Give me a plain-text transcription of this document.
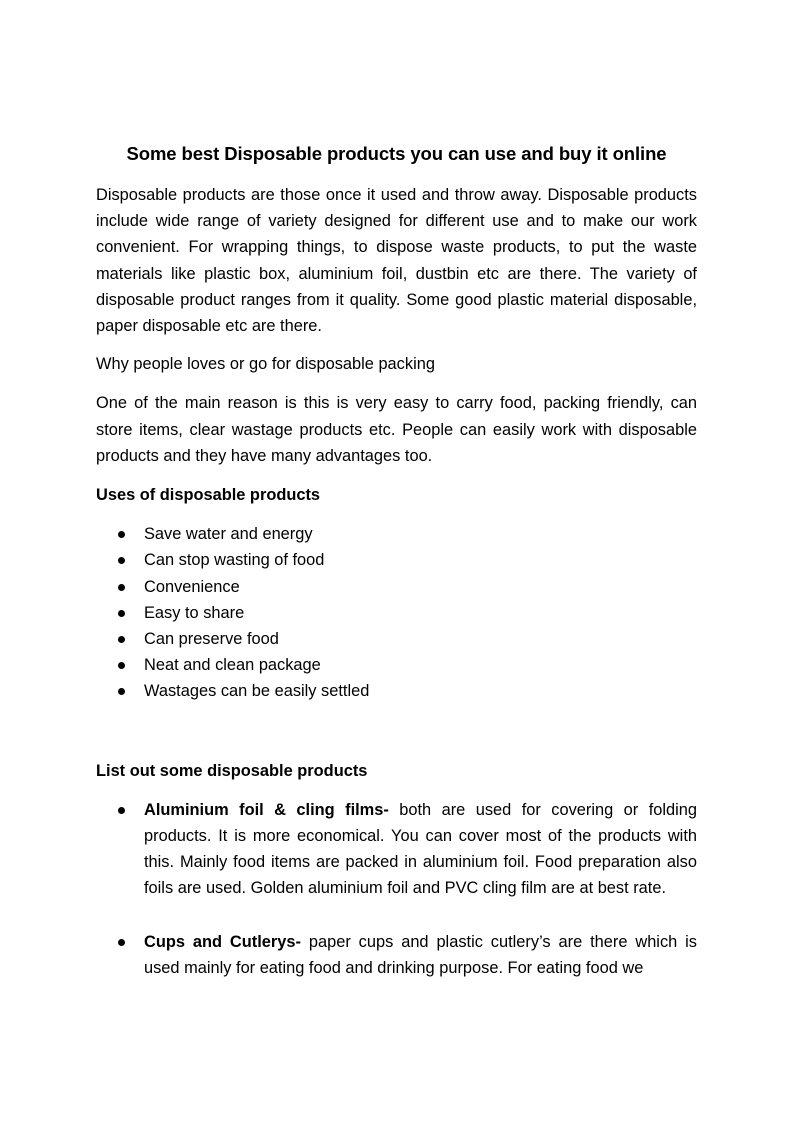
Some best Disposable products you can use and buy it online

Disposable products are those once it used and throw away. Disposable products include wide range of variety designed for different use and to make our work convenient. For wrapping things, to dispose waste products, to put the waste materials like plastic box, aluminium foil, dustbin etc are there. The variety of disposable product ranges from it quality. Some good plastic material disposable, paper disposable etc are there.

Why people loves or go for disposable packing

One of the main reason is this is very easy to carry food, packing friendly, can store items, clear wastage products etc. People can easily work with disposable products and they have many advantages too.

Uses of disposable products
Save water and energy
Can stop wasting of food
Convenience
Easy to share
Can preserve food
Neat and clean package
Wastages can be easily settled
List out some disposable products
Aluminium foil & cling films- both are used for covering or folding products. It is more economical. You can cover most of the products with this. Mainly food items are packed in aluminium foil. Food preparation also foils are used. Golden aluminium foil and PVC cling film are at best rate.
Cups and Cutlerys- paper cups and plastic cutlery’s are there which is used mainly for eating food and drinking purpose. For eating food we
